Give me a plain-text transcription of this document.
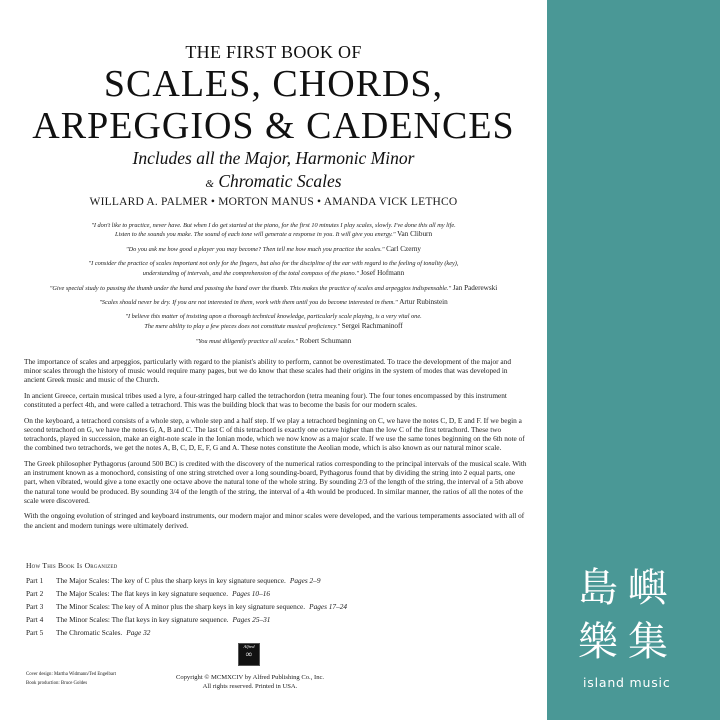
THE FIRST BOOK OF
SCALES, CHORDS,
ARPEGGIOS & CADENCES
Includes all the Major, Harmonic Minor
& Chromatic Scales
WILLARD A. PALMER • MORTON MANUS • AMANDA VICK LETHCO
"I don't like to practice, never have. But when I do get started at the piano, for the first 10 minutes I play scales, slowly. I've done this all my life.
Listen to the sounds you make. The sound of each tone will generate a response in you. It will give you energy." Van Cliburn
"Do you ask me how good a player you may become? Then tell me how much you practice the scales." Carl Czerny
"I consider the practice of scales important not only for the fingers, but also for the discipline of the ear with regard to the feeling of tonality (key),
understanding of intervals, and the comprehension of the total compass of the piano." Josef Hofmann
"Give special study to passing the thumb under the hand and passing the hand over the thumb. This makes the practice of scales and arpeggios indispensable." Jan Paderewski
"Scales should never be dry. If you are not interested in them, work with them until you do become interested in them." Artur Rubinstein
"I believe this matter of insisting upon a thorough technical knowledge, particularly scale playing, is a very vital one.
The mere ability to play a few pieces does not constitute musical proficiency." Sergei Rachmaninoff
"You must diligently practice all scales." Robert Schumann

The importance of scales and arpeggios, particularly with regard to the pianist's ability to perform, cannot be overestimated. To trace the development of the major and minor scales through the history of music would require many pages, but we do know that these scales had their origins in the system of modes that was developed in ancient Greek music and music of the Church.

In ancient Greece, certain musical tribes used a lyre, a four-stringed harp called the tetrachordon (tetra meaning four). The four tones encompassed by this instrument constituted a perfect 4th, and were called a tetrachord. This was the building block that was to become the basis for our modern scales.

On the keyboard, a tetrachord consists of a whole step, a whole step and a half step. If we play a tetrachord beginning on C, we have the notes C, D, E and F. If we begin a second tetrachord on G, we have the notes G, A, B and C. The last C of this tetrachord is exactly one octave higher than the low C of the first tetrachord. These two tetrachords, played in succession, make an eight-note scale in the Ionian mode, which we now know as a major scale. If we use the same tones beginning on the 6th note of the combined two tetrachords, we get the notes A, B, C, D, E, F, G and A. These notes constitute the Aeolian mode, which is also known as our natural minor scale.

The Greek philosopher Pythagorus (around 500 BC) is credited with the discovery of the numerical ratios corresponding to the principal intervals of the musical scale. With an instrument known as a monochord, consisting of one string stretched over a long sounding-board, Pythagorus found that by dividing the string into 2 equal parts, one part, when vibrated, would give a tone exactly one octave above the natural tone of the whole string. By sounding 2/3 of the length of the string, the interval of a 5th above the natural tone would be produced. By sounding 3/4 of the length of the string, the interval of a 4th would be produced. In similar manner, the ratios of all the notes of the scale were discovered.

With the ongoing evolution of stringed and keyboard instruments, our modern major and minor scales were developed, and the various temperaments associated with all of the ancient and modern tunings were ultimately derived.

How This Book Is Organized
Part 1	The Major Scales: The key of C plus the sharp keys in key signature sequence. Pages 2–9
Part 2	The Major Scales: The flat keys in key signature sequence. Pages 10–16
Part 3	The Minor Scales: The key of A minor plus the sharp keys in key signature sequence. Pages 17–24
Part 4	The Minor Scales: The flat keys in key signature sequence. Pages 25–31
Part 5	The Chromatic Scales. Page 32
Cover design: Martha Widmann/Ted Engelbart
Book production: Bruce Goldes
Alfred
∞
Copyright © MCMXCIV by Alfred Publishing Co., Inc.
All rights reserved. Printed in USA.
島嶼
樂集
island music
